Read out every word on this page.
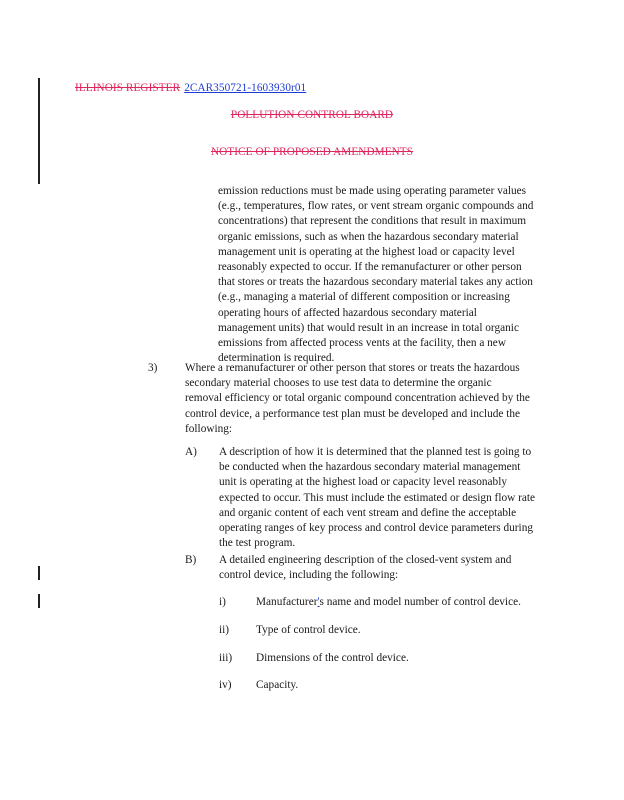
ILLINOIS REGISTER 2CAR350721-1603930r01
POLLUTION CONTROL BOARD
NOTICE OF PROPOSED AMENDMENTS

emission reductions must be made using operating parameter values (e.g., temperatures, flow rates, or vent stream organic compounds and concentrations) that represent the conditions that result in maximum organic emissions, such as when the hazardous secondary material management unit is operating at the highest load or capacity level reasonably expected to occur. If the remanufacturer or other person that stores or treats the hazardous secondary material takes any action (e.g., managing a material of different composition or increasing operating hours of affected hazardous secondary material management units) that would result in an increase in total organic emissions from affected process vents at the facility, then a new determination is required.

3) Where a remanufacturer or other person that stores or treats the hazardous secondary material chooses to use test data to determine the organic removal efficiency or total organic compound concentration achieved by the control device, a performance test plan must be developed and include the following:

A) A description of how it is determined that the planned test is going to be conducted when the hazardous secondary material management unit is operating at the highest load or capacity level reasonably expected to occur. This must include the estimated or design flow rate and organic content of each vent stream and define the acceptable operating ranges of key process and control device parameters during the test program.

B) A detailed engineering description of the closed-vent system and control device, including the following:

i)	Manufacturer's name and model number of control device.
ii) Type of control device.
iii) Dimensions of the control device.
iv) Capacity.
